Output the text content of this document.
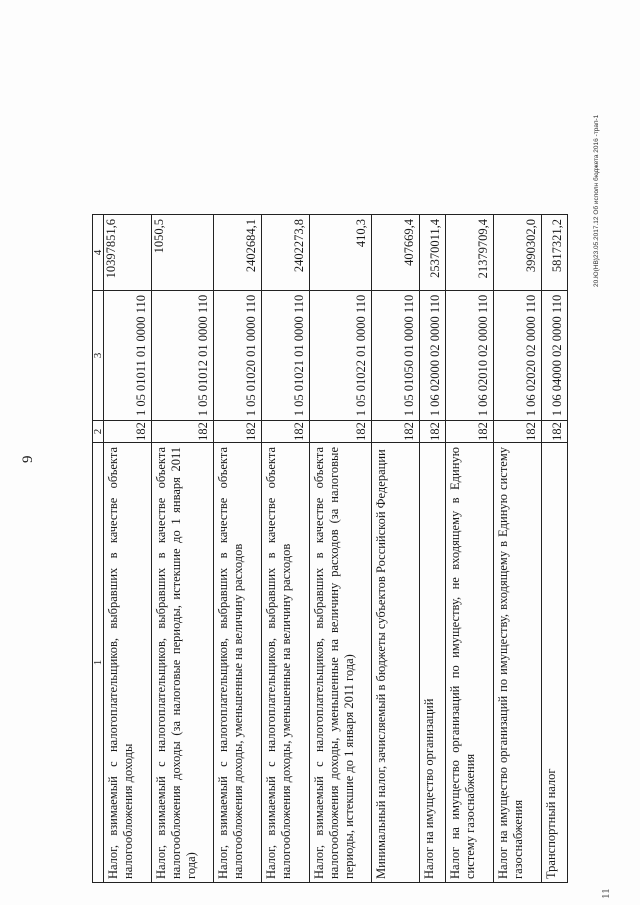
9
11
20.Ю(НВ)23.05.2017.12 Об исполн бюджета 2016 -трап-1
1	2	3	4
Налог, взимаемый с налогоплательщиков, выбравших в качестве объекта налогообложения доходы	182	1 05 01011 01 0000 110	10397851,6
Налог, взимаемый с налогоплательщиков, выбравших в качестве объекта налогообложения доходы (за налоговые периоды, истекшие до 1 января 2011 года)	182	1 05 01012 01 0000 110	1050,5
Налог, взимаемый с налогоплательщиков, выбравших в качестве объекта налогообложения доходы, уменьшенные на величину расходов	182	1 05 01020 01 0000 110	2402684,1
Налог, взимаемый с налогоплательщиков, выбравших в качестве объекта налогообложения доходы, уменьшенные на величину расходов	182	1 05 01021 01 0000 110	2402273,8
Налог, взимаемый с налогоплательщиков, выбравших в качестве объекта налогообложения доходы, уменьшенные на величину расходов (за налоговые периоды, истекшие до 1 января 2011 года)	182	1 05 01022 01 0000 110	410,3
Минимальный налог, зачисляемый в бюджеты субъектов Российской Федерации	182	1 05 01050 01 0000 110	407669,4
Налог на имущество организаций	182	1 06 02000 02 0000 110	25370011,4
Налог на имущество организаций по имуществу, не входящему в Единую систему газоснабжения	182	1 06 02010 02 0000 110	21379709,4
Налог на имущество организаций по имуществу, входящему в Единую систему газоснабжения	182	1 06 02020 02 0000 110	3990302,0
Транспортный налог	182	1 06 04000 02 0000 110	5817321,2
